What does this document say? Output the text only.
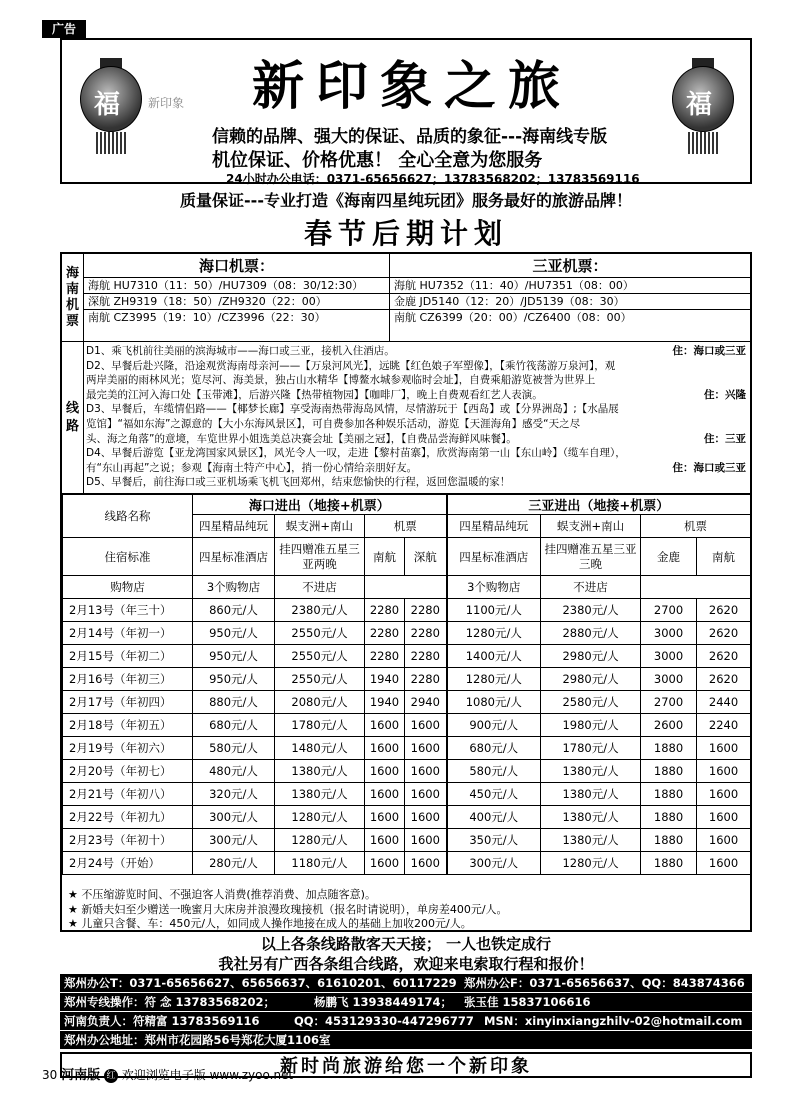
广告
福 新印象	新印象之旅
信赖的品牌、强大的保证、品质的象征---海南线专版
机位保证、价格优惠！ 全心全意为您服务
24小时办公电话：0371-65656627；13783568202；13783569116
福
质量保证---专业打造《海南四星纯玩团》服务最好的旅游品牌！
春节后期计划
海南机票
海口机票：
海航 HU7310（11：50）/HU7309（08：30/12:30）
深航 ZH9319（18：50）/ZH9320（22：00）
南航 CZ3995（19：10）/CZ3996（22：30）
三亚机票：
海航 HU7352（11：40）/HU7351（08：00）
金鹿 JD5140（12：20）/JD5139（08：30）
南航 CZ6399（20：00）/CZ6400（08：00）
线路
D1、乘飞机前往美丽的滨海城市——海口或三亚，接机入住酒店。	住：海口或三亚
D2、早餐后赴兴隆，沿途观赏海南母亲河——【万泉河风光】，远眺【红色娘子军塑像】，【乘竹筏荡游万泉河】，观
两岸美丽的雨林风光；览尽河、海美景，独占山水精华【博鳌水城参观临时会址】，自费乘船游览被誉为世界上
最完美的江河入海口处【玉带滩】，后游兴隆【热带植物园】【咖啡厂】，晚上自费观看红艺人表演。	住：兴隆
D3、早餐后，车缆情侣路——【椰梦长廊】享受海南热带海岛风情，尽情游玩于【西岛】或【分界洲岛】;【水晶展
览馆】“福如东海”之源意的【大小东海风景区】，可自费参加各种娱乐活动，游览【天涯海角】感受“天之尽
头、海之角落”的意境，车览世界小姐选美总决赛会址【美丽之冠】，【自费品尝海鲜风味餐】。	住：三亚
D4、早餐后游览【亚龙湾国家风景区】，风光令人一叹，走进【黎村苗寨】，欣赏海南第一山【东山岭】（缆车自理），
有“东山再起”之说；参观【海南土特产中心】，捎一份心情给亲朋好友。	住：海口或三亚
D5、早餐后，前往海口或三亚机场乘飞机飞回郑州，结束您愉快的行程，返回您温暖的家！
线路名称	海口进出（地接+机票）				三亚进出（地接+机票）			
	四星精品纯玩	蜈支洲+南山	机票		四星精品纯玩	蜈支洲+南山	机票	
住宿标准	四星标准酒店	挂四赠准五星三亚两晚	南航	深航	四星标准酒店	挂四赠准五星三亚三晚	金鹿	南航
购物店	3个购物店	不进店			3个购物店	不进店		
2月13号（年三十）	860元/人	2380元/人	2280	2280	1100元/人	2380元/人	2700	2620
2月14号（年初一）	950元/人	2550元/人	2280	2280	1280元/人	2880元/人	3000	2620
2月15号（年初二）	950元/人	2550元/人	2280	2280	1400元/人	2980元/人	3000	2620
2月16号（年初三）	950元/人	2550元/人	1940	2280	1280元/人	2980元/人	3000	2620
2月17号（年初四）	880元/人	2080元/人	1940	2940	1080元/人	2580元/人	2700	2440
2月18号（年初五）	680元/人	1780元/人	1600	1600	900元/人	1980元/人	2600	2240
2月19号（年初六）	580元/人	1480元/人	1600	1600	680元/人	1780元/人	1880	1600
2月20号（年初七）	480元/人	1380元/人	1600	1600	580元/人	1380元/人	1880	1600
2月21号（年初八）	320元/人	1380元/人	1600	1600	450元/人	1380元/人	1880	1600
2月22号（年初九）	300元/人	1280元/人	1600	1600	400元/人	1380元/人	1880	1600
2月23号（年初十）	300元/人	1280元/人	1600	1600	350元/人	1380元/人	1880	1600
2月24号（开始）	280元/人	1180元/人	1600	1600	300元/人	1280元/人	1880	1600
★ 不压缩游览时间、不强迫客人消费(推荐消费、加点随客意)。
★ 新婚夫妇至少赠送一晚蜜月大床房并浪漫玫瑰接机（报名时请说明），单房差400元/人。
★ 儿童只含餐、车：450元/人，如同成人操作地接在成人的基础上加收200元/人。
以上各条线路散客天天接； 一人也铁定成行
我社另有广西各条组合线路，欢迎来电索取行程和报价！
郑州办公T：0371-65656627、65656637、61610201、60117229 郑州办公F：0371-65656637、QQ：843874366
郑州专线操作：符 念 13783568202；	杨鹏飞 13938449174； 张玉佳 15837106616
河南负责人：符精富 13783569116	QQ：453129330-447296777 MSN：xinyinxiangzhilv-02@hotmail.com
郑州办公地址：郑州市花园路56号郑花大厦1106室
新时尚旅游给您一个新印象
30 河南版 红 欢迎浏览电子版 www.zyoo.net
